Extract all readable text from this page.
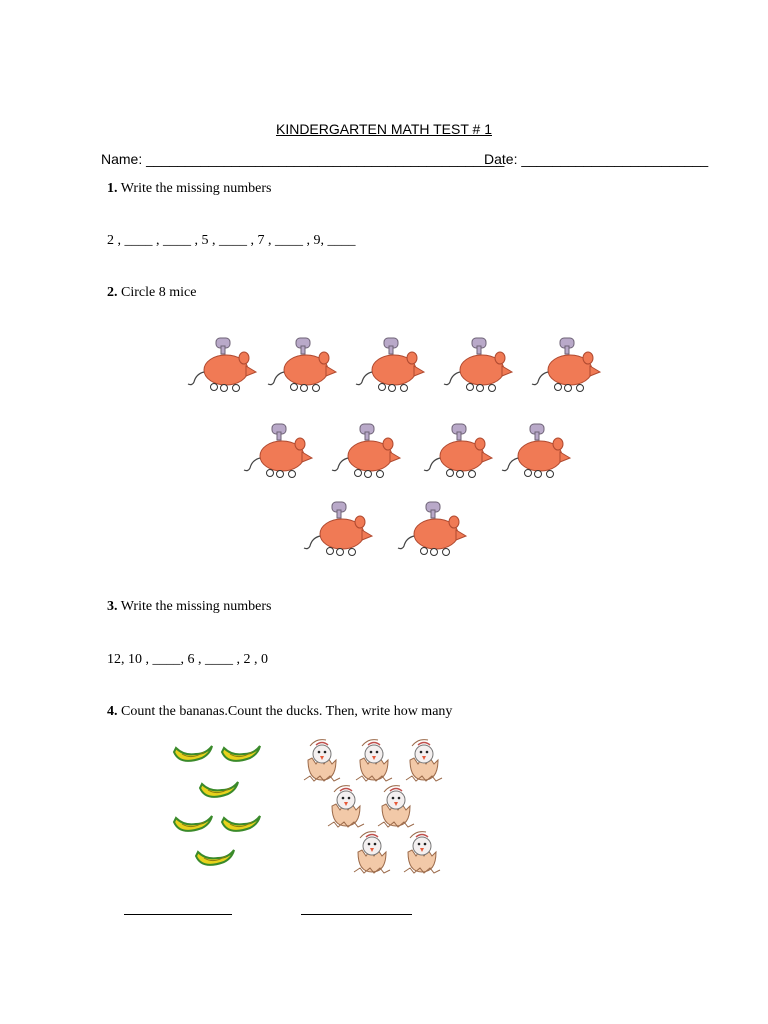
KINDERGARTEN MATH TEST # 1
Name: ______________________________________________
Date: ________________________
1. Write the missing numbers
2 , ____ , ____ , 5 , ____ , 7 , ____ , 9, ____
2. Circle 8 mice
3. Write the missing numbers
12, 10 , ____, 6 , ____ , 2 , 0
4. Count the bananas.Count the ducks. Then, write how many
